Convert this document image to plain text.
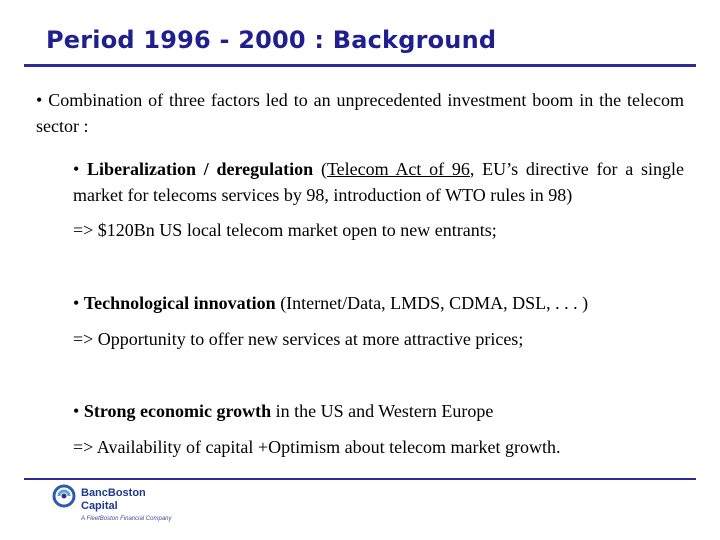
Period 1996 - 2000 : Background

• Combination of three factors led to an unprecedented investment boom in the telecom sector :

• Liberalization / deregulation (Telecom Act of 96, EU’s directive for a single market for telecoms services by 98, introduction of WTO rules in 98)

=> $120Bn US local telecom market open to new entrants;

• Technological innovation (Internet/Data, LMDS, CDMA, DSL, . . . )

=> Opportunity to offer new services at more attractive prices;

• Strong economic growth in the US and Western Europe

=> Availability of capital +Optimism about telecom market growth.

BancBoston
Capital
A FleetBoston Financial Company
